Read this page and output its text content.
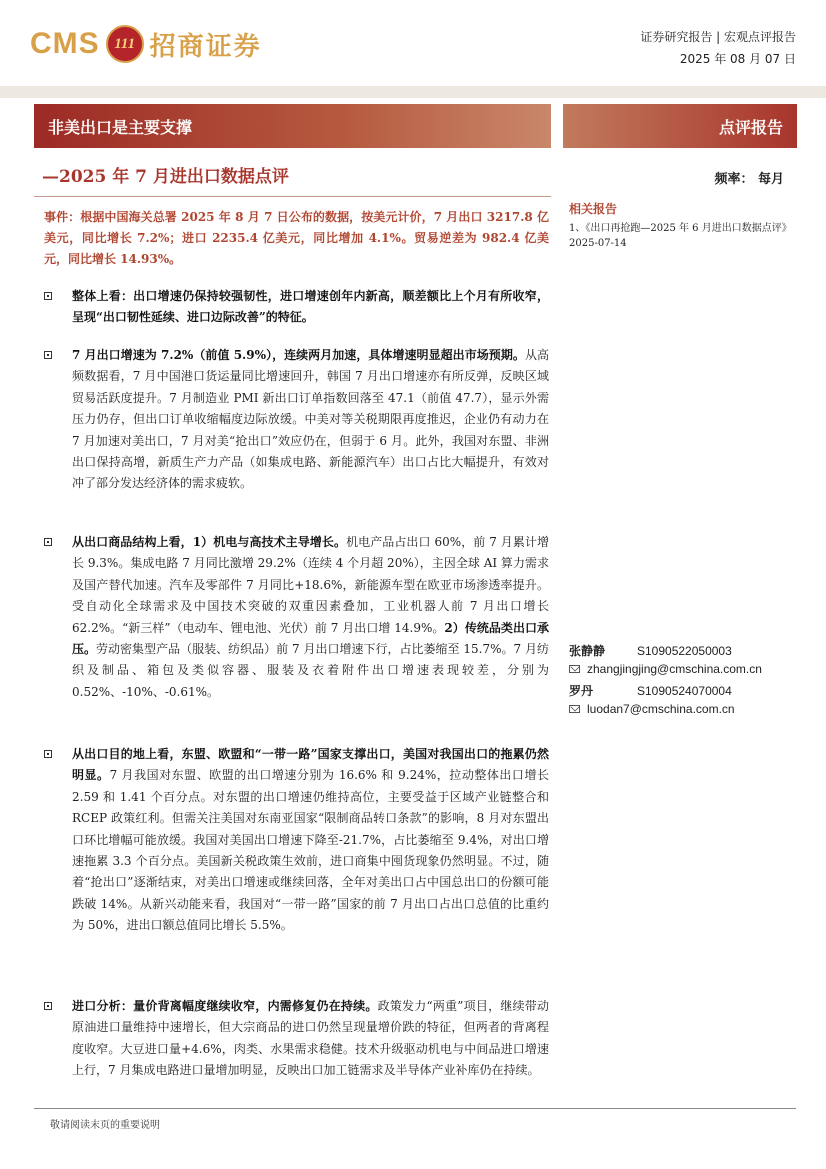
CMS 111 招商证券	证券研究报告 | 宏观点评报告
2025 年 08 月 07 日
非美出口是主要支撑	点评报告
—2025 年 7 月进出口数据点评	频率： 每月
事件：根据中国海关总署 2025 年 8 月 7 日公布的数据，按美元计价，7 月出口 3217.8 亿美元，同比增长 7.2%；进口 2235.4 亿美元，同比增加 4.1%。贸易逆差为 982.4 亿美元，同比增长 14.93%。

整体上看：出口增速仍保持较强韧性，进口增速创年内新高，顺差额比上个月有所收窄，呈现“出口韧性延续、进口边际改善”的特征。

7 月出口增速为 7.2%（前值 5.9%），连续两月加速，具体增速明显超出市场预期。从高频数据看，7 月中国港口货运量同比增速回升，韩国 7 月出口增速亦有所反弹，反映区域贸易活跃度提升。7 月制造业 PMI 新出口订单指数回落至 47.1（前值 47.7），显示外需压力仍存，但出口订单收缩幅度边际放缓。中美对等关税期限再度推迟，企业仍有动力在 7 月加速对美出口，7 月对美“抢出口”效应仍在，但弱于 6 月。此外，我国对东盟、非洲出口保持高增，新质生产力产品（如集成电路、新能源汽车）出口占比大幅提升，有效对冲了部分发达经济体的需求疲软。

从出口商品结构上看，1）机电与高技术主导增长。机电产品占出口 60%，前 7 月累计增长 9.3%。集成电路 7 月同比激增 29.2%（连续 4 个月超 20%），主因全球 AI 算力需求及国产替代加速。汽车及零部件 7 月同比+18.6%，新能源车型在欧亚市场渗透率提升。受自动化全球需求及中国技术突破的双重因素叠加，工业机器人前 7 月出口增长 62.2%。“新三样”（电动车、锂电池、光伏）前 7 月出口增 14.9%。2）传统品类出口承压。劳动密集型产品（服装、纺织品）前 7 月出口增速下行，占比萎缩至 15.7%。7 月纺织及制品、箱包及类似容器、服装及衣着附件出口增速表现较差，分别为 0.52%、-10%、-0.61%。

从出口目的地上看，东盟、欧盟和“一带一路”国家支撑出口，美国对我国出口的拖累仍然明显。7 月我国对东盟、欧盟的出口增速分别为 16.6% 和 9.24%，拉动整体出口增长 2.59 和 1.41 个百分点。对东盟的出口增速仍维持高位，主要受益于区域产业链整合和 RCEP 政策红利。但需关注美国对东南亚国家“限制商品转口条款”的影响，8 月对东盟出口环比增幅可能放缓。我国对美国出口增速下降至-21.7%，占比萎缩至 9.4%，对出口增速拖累 3.3 个百分点。美国新关税政策生效前，进口商集中囤货现象仍然明显。不过，随着“抢出口”逐渐结束，对美出口增速或继续回落，全年对美出口占中国总出口的份额可能跌破 14%。从新兴动能来看，我国对“一带一路”国家的前 7 月出口占出口总值的比重约为 50%，进出口额总值同比增长 5.5%。

进口分析：量价背离幅度继续收窄，内需修复仍在持续。政策发力“两重”项目，继续带动原油进口量维持中速增长，但大宗商品的进口仍然呈现量增价跌的特征，但两者的背离程度收窄。大豆进口量+4.6%，肉类、水果需求稳健。技术升级驱动机电与中间品进口增速上行，7 月集成电路进口量增加明显，反映出口加工链需求及半导体产业补库仍在持续。

相关报告
1、《出口再抢跑—2025 年 6 月进出口数据点评》2025-07-14
张静静	S1090522050003
zhangjingjing@cmschina.com.cn
罗丹	S1090524070004
luodan7@cmschina.com.cn
敬请阅读末页的重要说明
